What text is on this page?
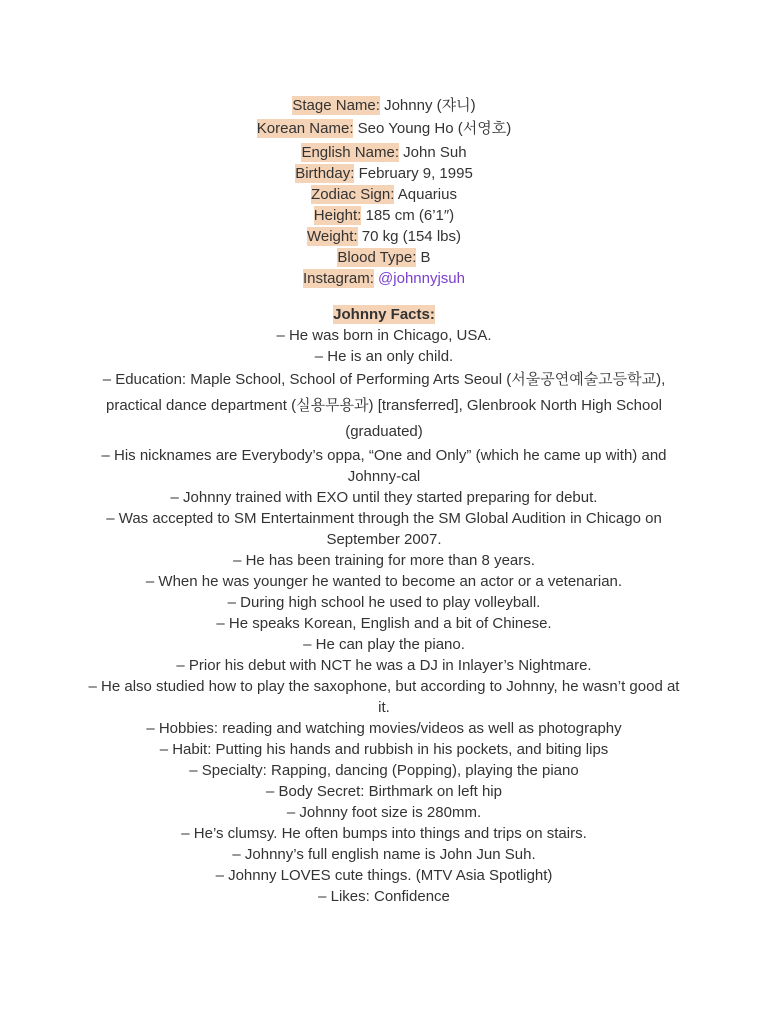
Stage Name: Johnny (쟈니)

Korean Name: Seo Young Ho (서영호)

English Name: John Suh

Birthday: February 9, 1995

Zodiac Sign: Aquarius

Height: 185 cm (6’1″)

Weight: 70 kg (154 lbs)

Blood Type: B

Instagram: @johnnyjsuh

Johnny Facts:

– He was born in Chicago, USA.

– He is an only child.

– Education: Maple School, School of Performing Arts Seoul (서울공연예술고등학교), practical dance department (실용무용과) [transferred], Glenbrook North High School (graduated)

– His nicknames are Everybody’s oppa, “One and Only” (which he came up with) and Johnny-cal

– Johnny trained with EXO until they started preparing for debut.

– Was accepted to SM Entertainment through the SM Global Audition in Chicago on September 2007.

– He has been training for more than 8 years.

– When he was younger he wanted to become an actor or a vetenarian.

– During high school he used to play volleyball.

– He speaks Korean, English and a bit of Chinese.

– He can play the piano.

– Prior his debut with NCT he was a DJ in Inlayer’s Nightmare.

– He also studied how to play the saxophone, but according to Johnny, he wasn’t good at it.

– Hobbies: reading and watching movies/videos as well as photography

– Habit: Putting his hands and rubbish in his pockets, and biting lips

– Specialty: Rapping, dancing (Popping), playing the piano

– Body Secret: Birthmark on left hip

– Johnny foot size is 280mm.

– He’s clumsy. He often bumps into things and trips on stairs.

– Johnny’s full english name is John Jun Suh.

– Johnny LOVES cute things. (MTV Asia Spotlight)

– Likes: Confidence
